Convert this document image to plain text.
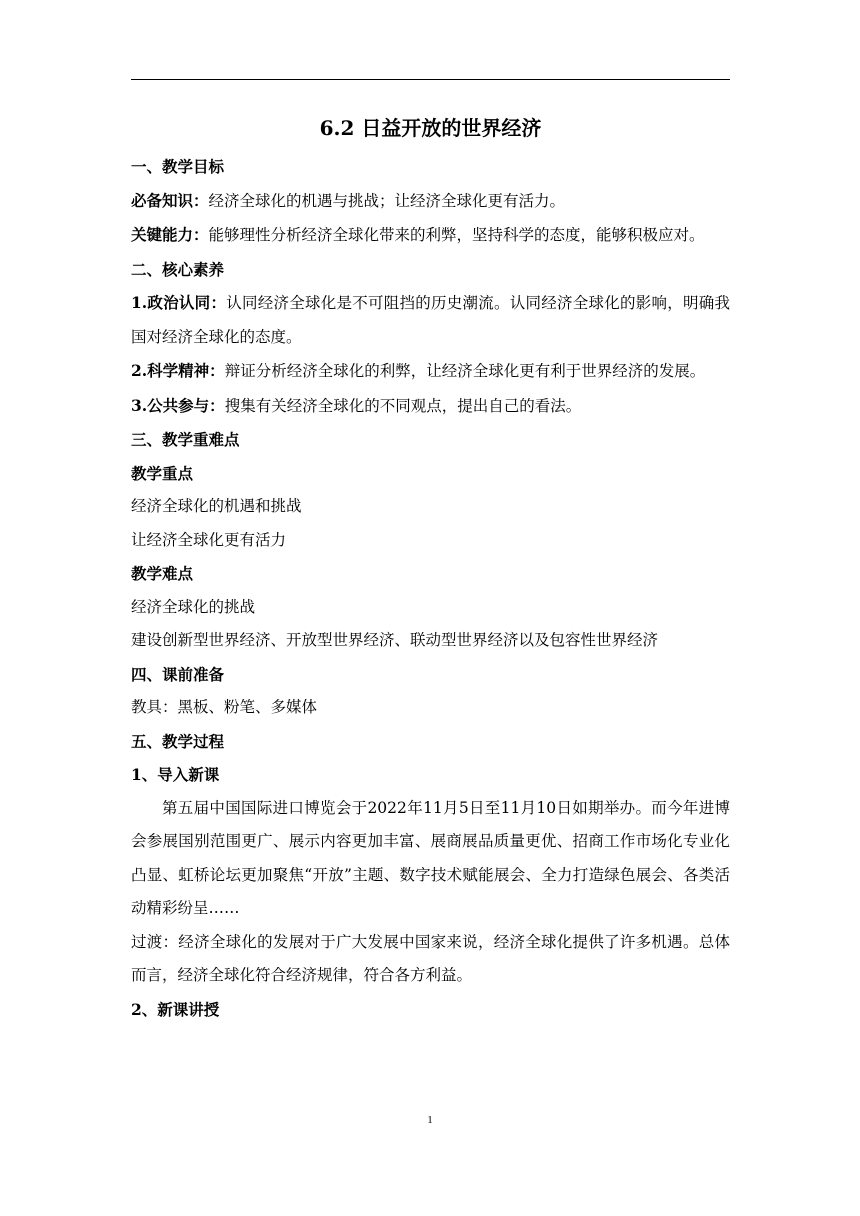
6.2 日益开放的世界经济

一、教学目标

必备知识：经济全球化的机遇与挑战；让经济全球化更有活力。

关键能力：能够理性分析经济全球化带来的利弊，坚持科学的态度，能够积极应对。

二、核心素养

1.政治认同：认同经济全球化是不可阻挡的历史潮流。认同经济全球化的影响，明确我国对经济全球化的态度。

2.科学精神：辩证分析经济全球化的利弊，让经济全球化更有利于世界经济的发展。

3.公共参与：搜集有关经济全球化的不同观点，提出自己的看法。

三、教学重难点

教学重点

经济全球化的机遇和挑战

让经济全球化更有活力

教学难点

经济全球化的挑战

建设创新型世界经济、开放型世界经济、联动型世界经济以及包容性世界经济

四、课前准备

教具：黑板、粉笔、多媒体

五、教学过程

1、导入新课

第五届中国国际进口博览会于2022年11月5日至11月10日如期举办。而今年进博会参展国别范围更广、展示内容更加丰富、展商展品质量更优、招商工作市场化专业化凸显、虹桥论坛更加聚焦“开放”主题、数字技术赋能展会、全力打造绿色展会、各类活动精彩纷呈……

过渡：经济全球化的发展对于广大发展中国家来说，经济全球化提供了许多机遇。总体而言，经济全球化符合经济规律，符合各方利益。

2、新课讲授

1
